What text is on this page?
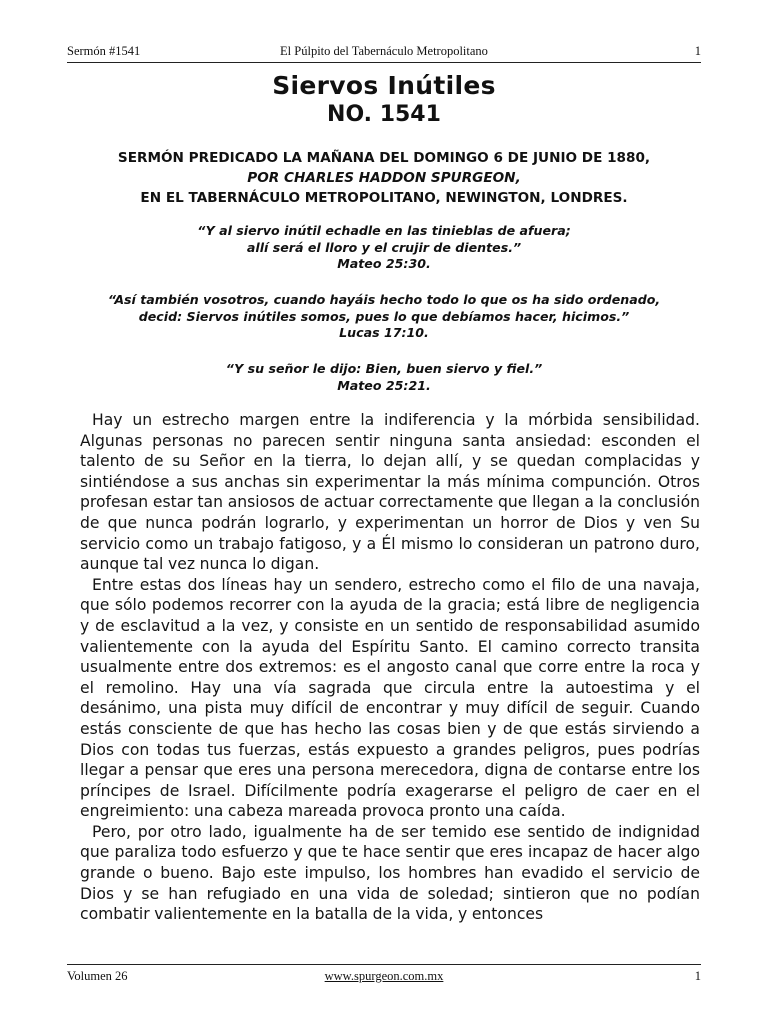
Sermón #1541	El Púlpito del Tabernáculo Metropolitano	1
Siervos Inútiles
NO. 1541
SERMÓN PREDICADO LA MAÑANA DEL DOMINGO 6 DE JUNIO DE 1880,
POR CHARLES HADDON SPURGEON,
EN EL TABERNÁCULO METROPOLITANO, NEWINGTON, LONDRES.
“Y al siervo inútil echadle en las tinieblas de afuera;
allí será el lloro y el crujir de dientes.”
Mateo 25:30.
“Así también vosotros, cuando hayáis hecho todo lo que os ha sido ordenado,
decid: Siervos inútiles somos, pues lo que debíamos hacer, hicimos.”
Lucas 17:10.
“Y su señor le dijo: Bien, buen siervo y fiel.”
Mateo 25:21.

Hay un estrecho margen entre la indiferencia y la mórbida sensibilidad. Algunas personas no parecen sentir ninguna santa ansiedad: esconden el talento de su Señor en la tierra, lo dejan allí, y se quedan complacidas y sintiéndose a sus anchas sin experimentar la más mínima compunción. Otros profesan estar tan ansiosos de actuar correctamente que llegan a la conclusión de que nunca podrán lograrlo, y experimentan un horror de Dios y ven Su servicio como un trabajo fatigoso, y a Él mismo lo consideran un patrono duro, aunque tal vez nunca lo digan.

Entre estas dos líneas hay un sendero, estrecho como el filo de una navaja, que sólo podemos recorrer con la ayuda de la gracia; está libre de negligencia y de esclavitud a la vez, y consiste en un sentido de responsabilidad asumido valientemente con la ayuda del Espíritu Santo. El camino correcto transita usualmente entre dos extremos: es el angosto canal que corre entre la roca y el remolino. Hay una vía sagrada que circula entre la autoestima y el desánimo, una pista muy difícil de encontrar y muy difícil de seguir. Cuando estás consciente de que has hecho las cosas bien y de que estás sirviendo a Dios con todas tus fuerzas, estás expuesto a grandes peligros, pues podrías llegar a pensar que eres una persona merecedora, digna de contarse entre los príncipes de Israel. Difícilmente podría exagerarse el peligro de caer en el engreimiento: una cabeza mareada provoca pronto una caída.

Pero, por otro lado, igualmente ha de ser temido ese sentido de indignidad que paraliza todo esfuerzo y que te hace sentir que eres incapaz de hacer algo grande o bueno. Bajo este impulso, los hombres han evadido el servicio de Dios y se han refugiado en una vida de soledad; sintieron que no podían combatir valientemente en la batalla de la vida, y entonces

Volumen 26	www.spurgeon.com.mx	1
